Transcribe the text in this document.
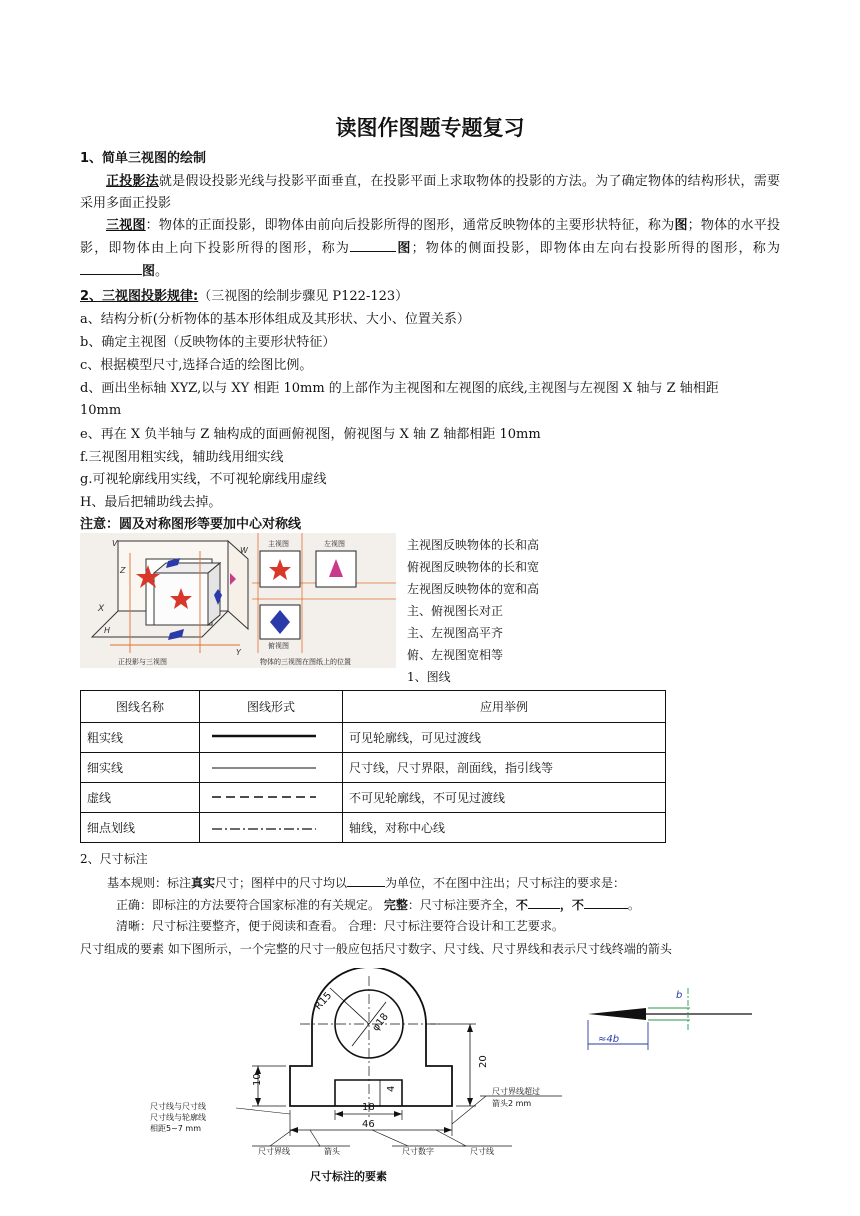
读图作图题专题复习
1、简单三视图的绘制

正投影法就是假设投影光线与投影平面垂直，在投影平面上求取物体的投影的方法。为了确定物体的结构形状，需要采用多面正投影

三视图：物体的正面投影，即物体由前向后投影所得的图形，通常反映物体的主要形状特征，称为图；物体的水平投影，即物体由上向下投影所得的图形，称为	图；物体的侧面投影，即物体由左向右投影所得的图形，称为图。

2、三视图投影规律:（三视图的绘制步骤见 P122-123）
a、结构分析(分析物体的基本形体组成及其形状、大小、位置关系）
b、确定主视图（反映物体的主要形状特征）
c、根据模型尺寸,选择合适的绘图比例。
d、画出坐标轴 XYZ,以与 XY 相距 10mm 的上部作为主视图和左视图的底线,主视图与左视图 X 轴与 Z 轴相距
10mm
e、再在 X 负半轴与 Z 轴构成的面画俯视图，俯视图与 X 轴 Z 轴都相距 10mm
f.三视图用粗实线，辅助线用细实线
g.可视轮廓线用实线，不可视轮廓线用虚线
H、最后把辅助线去掉。
注意：圆及对称图形等要加中心对称线
V
Z
X
Y
H
W
正投影与三视图
主视图	左视图
俯视图
物体的三视图在图纸上的位置
主视图反映物体的长和高
俯视图反映物体的长和宽
左视图反映物体的宽和高
主、俯视图长对正
主、左视图高平齐
俯、左视图宽相等
1、图线
图线名称	图线形式	应用举例
粗实线		可见轮廓线，可见过渡线
细实线		尺寸线，尺寸界限，剖面线，指引线等
虚线		不可见轮廓线，不可见过渡线
细点划线		轴线，对称中心线
2、尺寸标注
基本规则：标注真实尺寸；图样中的尺寸均以	为单位，不在图中注出；尺寸标注的要求是：
正确：即标注的方法要符合国家标准的有关规定。 完整：尺寸标注要齐全，不	，不	。
清晰：尺寸标注要整齐，便于阅读和查看。 合理：尺寸标注要符合设计和工艺要求。
尺寸组成的要素 如下图所示，一个完整的尺寸一般应包括尺寸数字、尺寸线、尺寸界线和表示尺寸线终端的箭头
R15
φ18
20
10
4
18
46
尺寸线与尺寸线
尺寸线与轮廓线
相距5~7 mm
尺寸界线超过
箭头2 mm
尺寸界线	箭头	尺寸数字	尺寸线
尺寸标注的要素
b
≈4b
